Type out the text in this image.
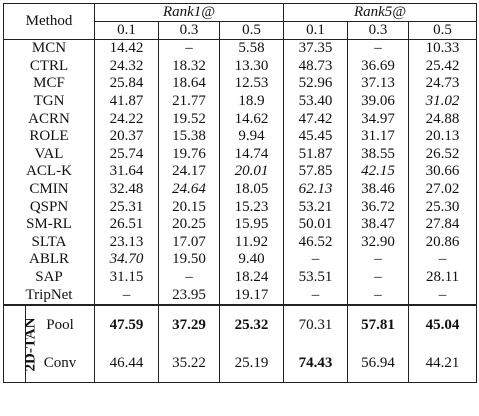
Method		Rank1@			Rank5@		
		0.1	0.3	0.5	0.1	0.3	0.5
MCN		14.42	–	5.58	37.35	–	10.33
CTRL		24.32	18.32	13.30	48.73	36.69	25.42
MCF		25.84	18.64	12.53	52.96	37.13	24.73
TGN		41.87	21.77	18.9	53.40	39.06	31.02
ACRN		24.22	19.52	14.62	47.42	34.97	24.88
ROLE		20.37	15.38	9.94	45.45	31.17	20.13
VAL		25.74	19.76	14.74	51.87	38.55	26.52
ACL-K		31.64	24.17	20.01	57.85	42.15	30.66
CMIN		32.48	24.64	18.05	62.13	38.46	27.02
QSPN		25.31	20.15	15.23	53.21	36.72	25.30
SM-RL		26.51	20.25	15.95	50.01	38.47	27.84
SLTA		23.13	17.07	11.92	46.52	32.90	20.86
ABLR		34.70	19.50	9.40	–	–	–
SAP		31.15	–	18.24	53.51	–	28.11
TripNet		–	23.95	19.17	–	–	–
2D-TAN	Pool	47.59	37.29	25.32	70.31	57.81	45.04
	Conv	46.44	35.22	25.19	74.43	56.94	44.21
